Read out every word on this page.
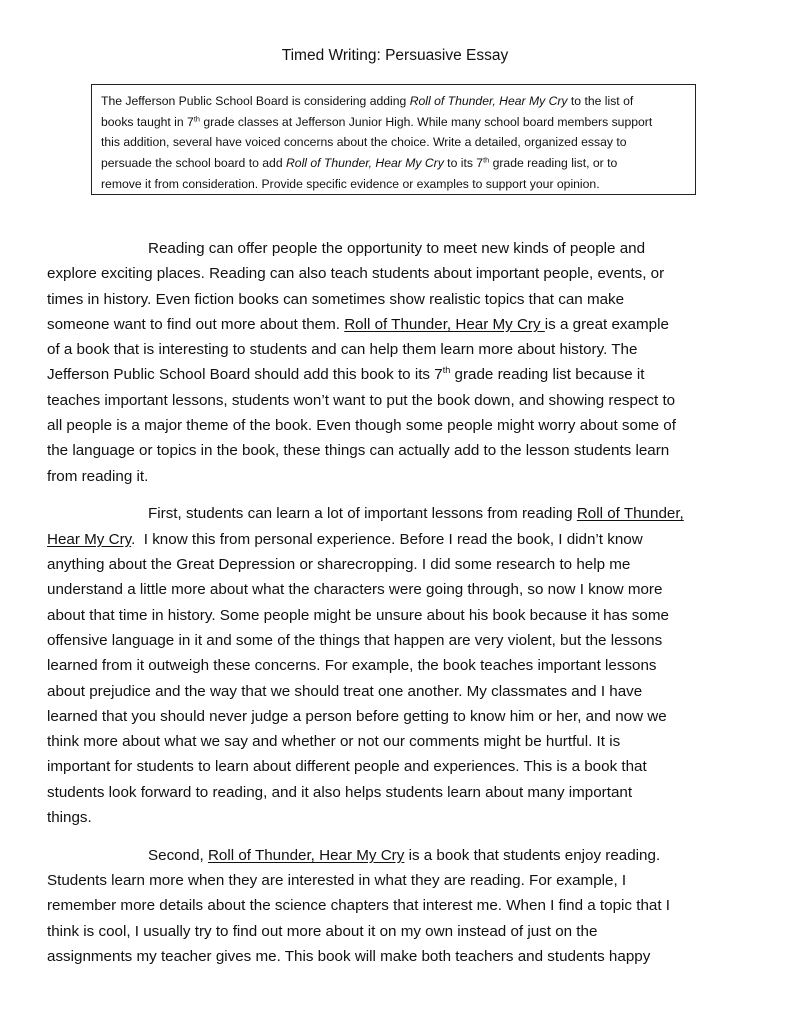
Timed Writing: Persuasive Essay
The Jefferson Public School Board is considering adding Roll of Thunder, Hear My Cry to the list of
books taught in 7th grade classes at Jefferson Junior High. While many school board members support
this addition, several have voiced concerns about the choice. Write a detailed, organized essay to
persuade the school board to add Roll of Thunder, Hear My Cry to its 7th grade reading list, or to
remove it from consideration. Provide specific evidence or examples to support your opinion.
Reading can offer people the opportunity to meet new kinds of people and
explore exciting places. Reading can also teach students about important people, events, or
times in history. Even fiction books can sometimes show realistic topics that can make
someone want to find out more about them. Roll of Thunder, Hear My Cry is a great example
of a book that is interesting to students and can help them learn more about history. The
Jefferson Public School Board should add this book to its 7th grade reading list because it
teaches important lessons, students won’t want to put the book down, and showing respect to
all people is a major theme of the book. Even though some people might worry about some of
the language or topics in the book, these things can actually add to the lesson students learn
from reading it.
First, students can learn a lot of important lessons from reading Roll of Thunder,
Hear My Cry.  I know this from personal experience. Before I read the book, I didn’t know
anything about the Great Depression or sharecropping. I did some research to help me
understand a little more about what the characters were going through, so now I know more
about that time in history. Some people might be unsure about his book because it has some
offensive language in it and some of the things that happen are very violent, but the lessons
learned from it outweigh these concerns. For example, the book teaches important lessons
about prejudice and the way that we should treat one another. My classmates and I have
learned that you should never judge a person before getting to know him or her, and now we
think more about what we say and whether or not our comments might be hurtful. It is
important for students to learn about different people and experiences. This is a book that
students look forward to reading, and it also helps students learn about many important
things.
Second, Roll of Thunder, Hear My Cry is a book that students enjoy reading.
Students learn more when they are interested in what they are reading. For example, I
remember more details about the science chapters that interest me. When I find a topic that I
think is cool, I usually try to find out more about it on my own instead of just on the
assignments my teacher gives me. This book will make both teachers and students happy
